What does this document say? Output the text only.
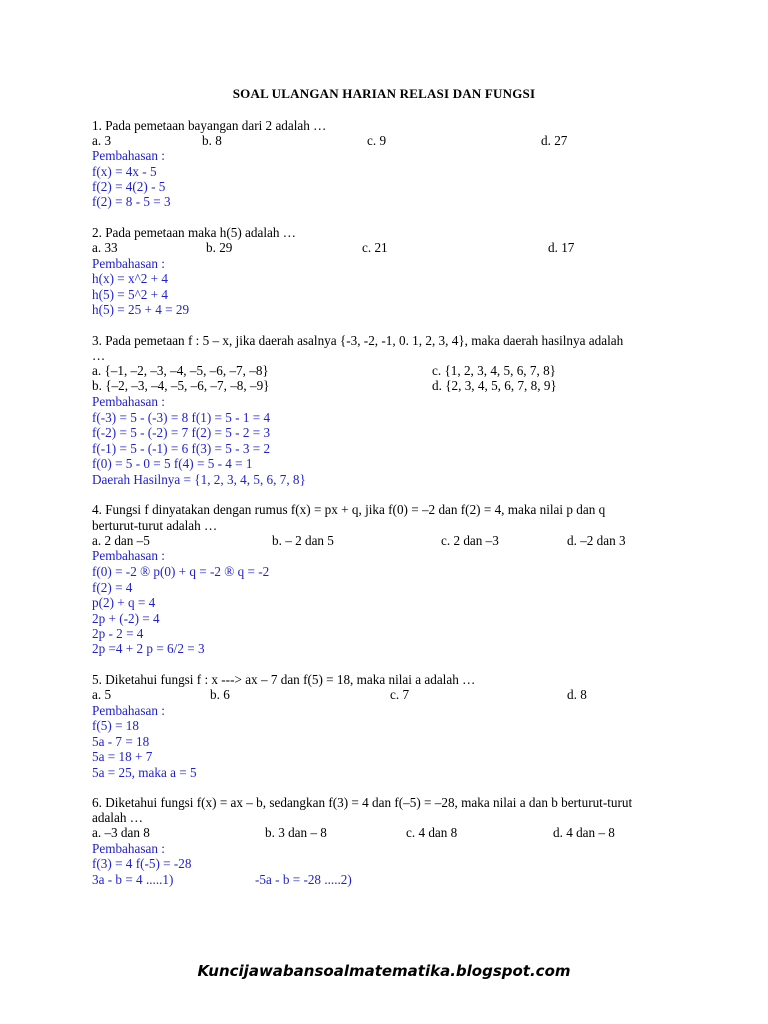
SOAL ULANGAN HARIAN RELASI DAN FUNGSI
1. Pada pemetaan bayangan dari 2 adalah …
a. 3	b. 8	c. 9	d. 27
Pembahasan :
f(x) = 4x - 5
f(2) = 4(2) - 5
f(2) = 8 - 5 = 3
2. Pada pemetaan maka h(5) adalah …
a. 33	b. 29	c. 21	d. 17
Pembahasan :
h(x) = x^2 + 4
h(5) = 5^2 + 4
h(5) = 25 + 4 = 29
3. Pada pemetaan f : 5 – x, jika daerah asalnya {-3, -2, -1, 0. 1, 2, 3, 4}, maka daerah hasilnya adalah
…
a. {–1, –2, –3, –4, –5, –6, –7, –8}	c. {1, 2, 3, 4, 5, 6, 7, 8}
b. {–2, –3, –4, –5, –6, –7, –8, –9}	d. {2, 3, 4, 5, 6, 7, 8, 9}
Pembahasan :
f(-3) = 5 - (-3) = 8 f(1) = 5 - 1 = 4
f(-2) = 5 - (-2) = 7 f(2) = 5 - 2 = 3
f(-1) = 5 - (-1) = 6 f(3) = 5 - 3 = 2
f(0) = 5 - 0 = 5 f(4) = 5 - 4 = 1
Daerah Hasilnya = {1, 2, 3, 4, 5, 6, 7, 8}
4. Fungsi f dinyatakan dengan rumus f(x) = px + q, jika f(0) = –2 dan f(2) = 4, maka nilai p dan q
berturut-turut adalah …
a. 2 dan –5	b. – 2 dan 5	c. 2 dan –3	d. –2 dan 3
Pembahasan :
f(0) = -2 ® p(0) + q = -2 ® q = -2
f(2) = 4
p(2) + q = 4
2p + (-2) = 4
2p - 2 = 4
2p =4 + 2 p = 6/2 = 3
5. Diketahui fungsi f : x ---> ax – 7 dan f(5) = 18, maka nilai a adalah …
a. 5	b. 6	c. 7	d. 8
Pembahasan :
f(5) = 18
5a - 7 = 18
5a = 18 + 7
5a = 25, maka a = 5
6. Diketahui fungsi f(x) = ax – b, sedangkan f(3) = 4 dan f(–5) = –28, maka nilai a dan b berturut-turut
adalah …
a. –3 dan 8	b. 3 dan – 8	c. 4 dan 8	d. 4 dan – 8
Pembahasan :
f(3) = 4 f(-5) = -28
3a - b = 4 .....1)	-5a - b = -28 .....2)
Kuncijawabansoalmatematika.blogspot.com
